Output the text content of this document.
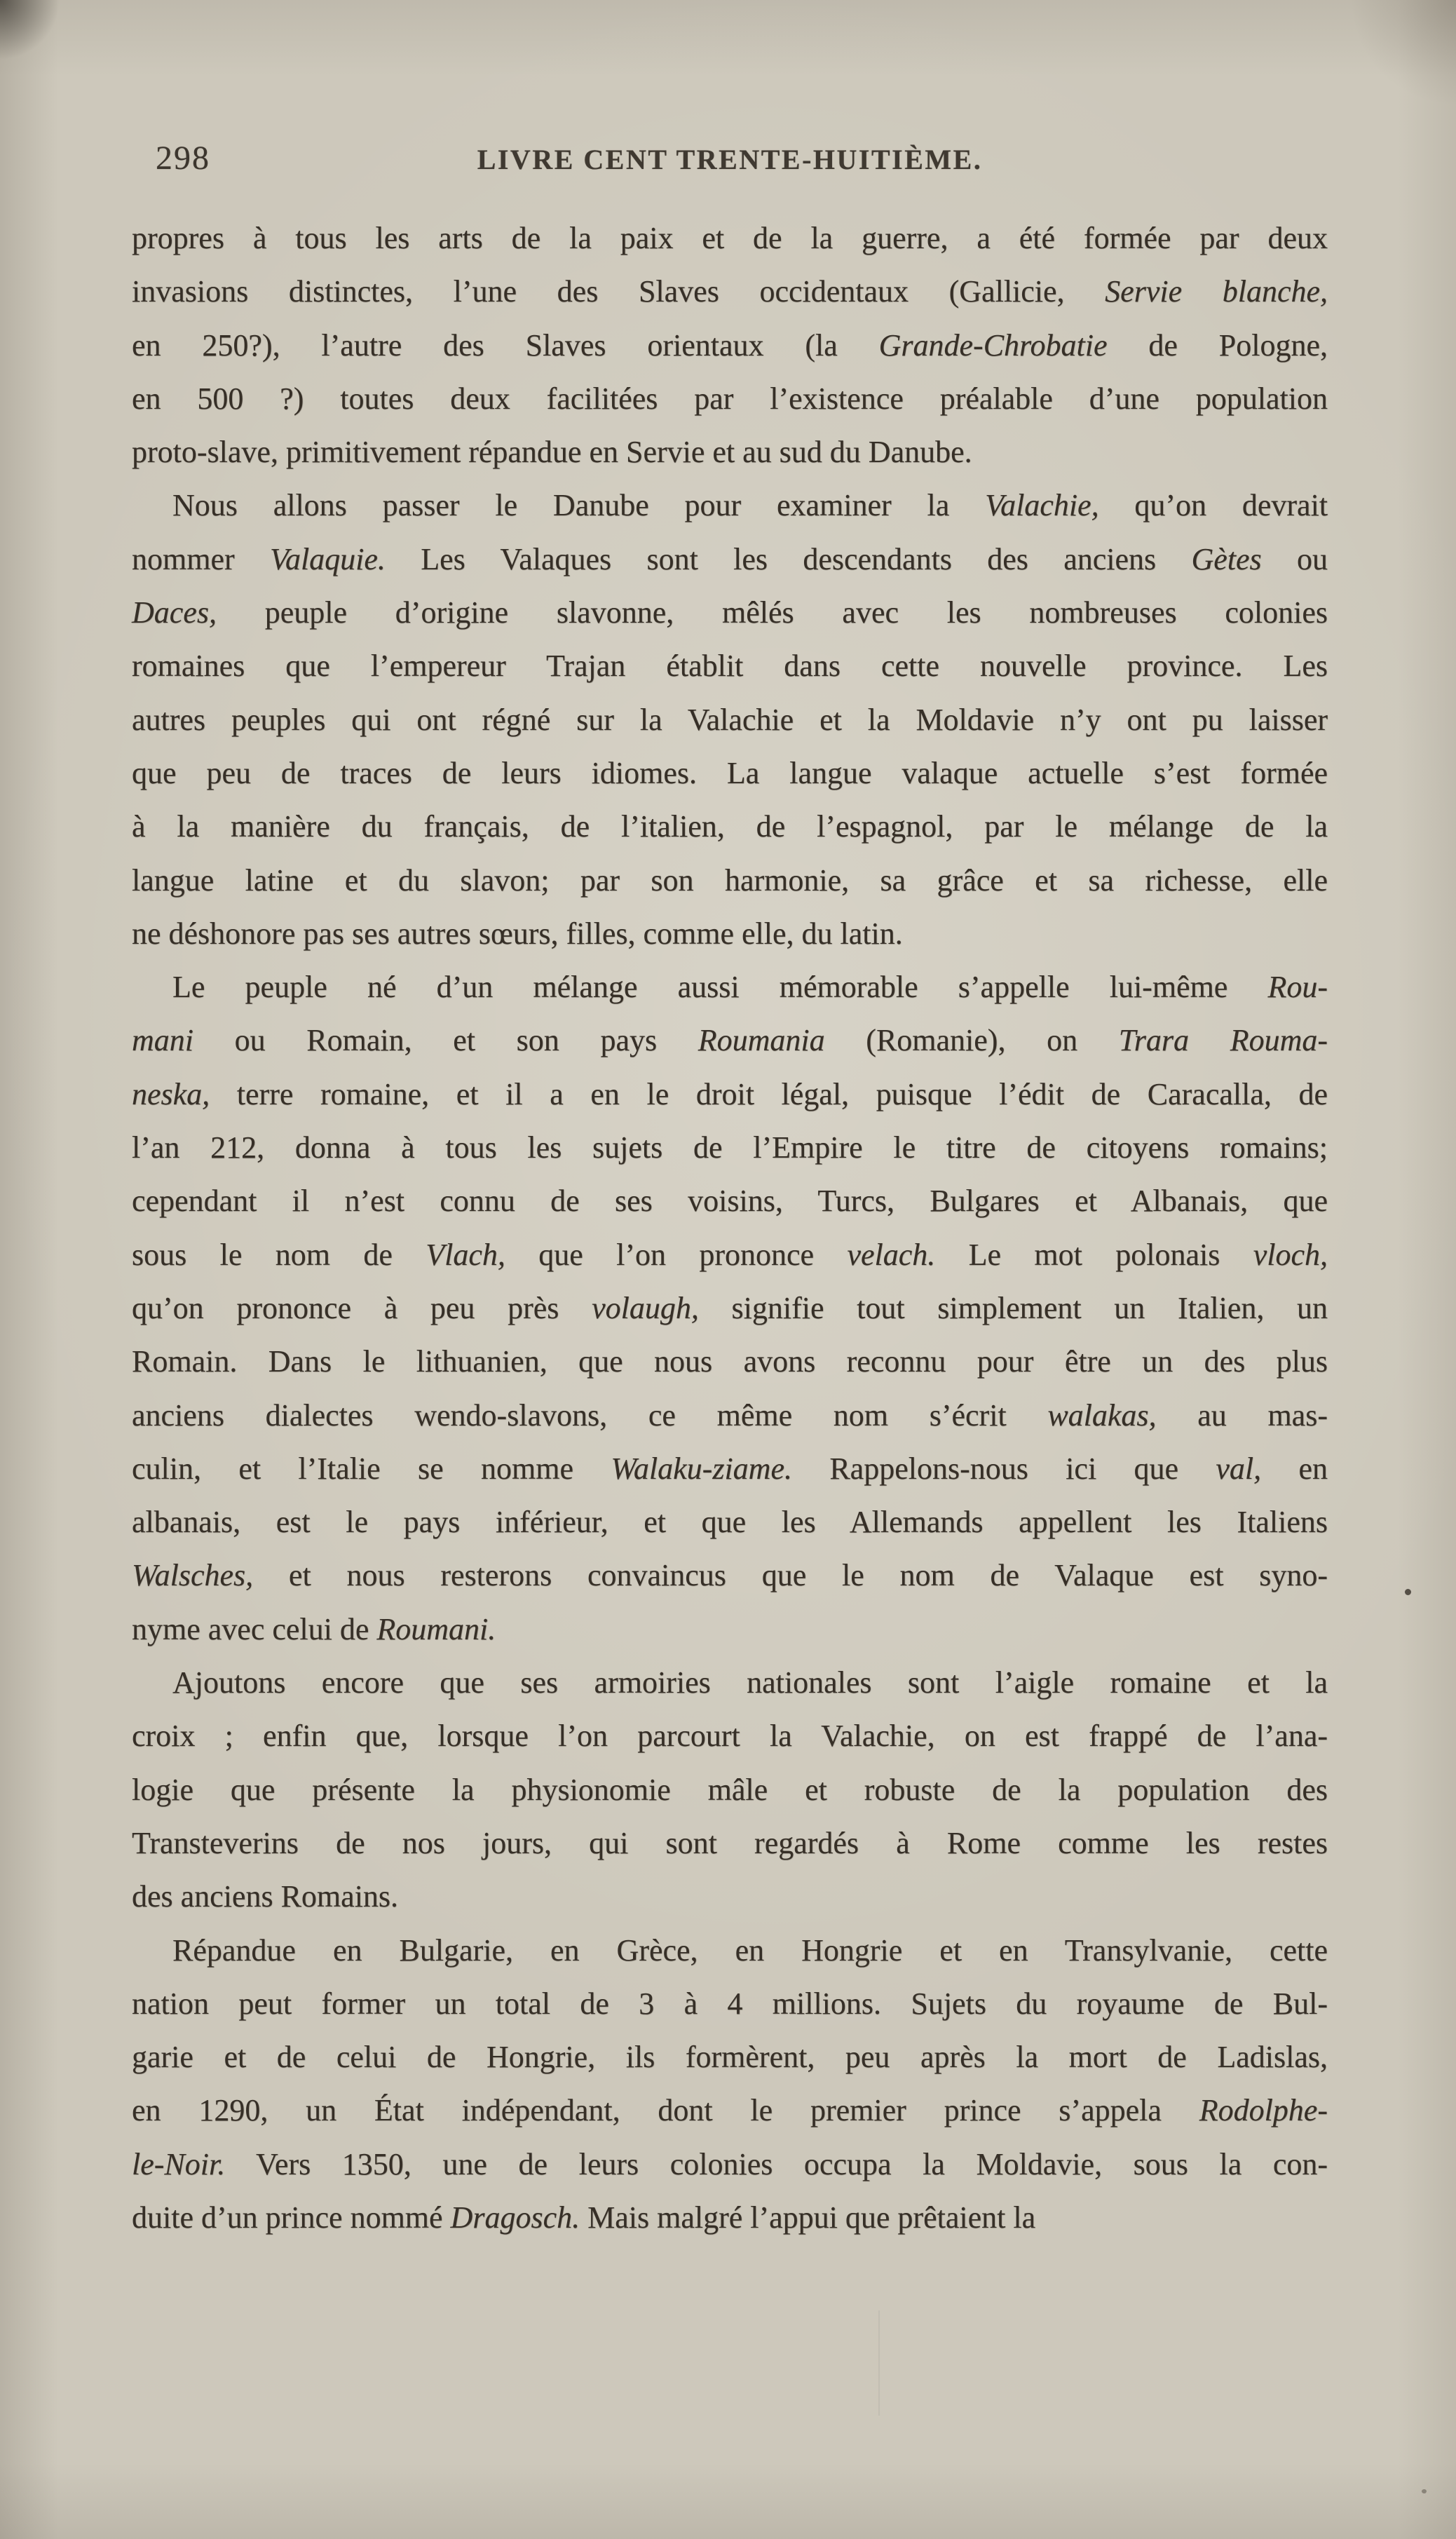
298	LIVRE CENT TRENTE-HUITIÈME.
propres à tous les arts de la paix et de la guerre, a été formée par deux
invasions distinctes, l’une des Slaves occidentaux (Gallicie, Servie blanche,
en 250?), l’autre des Slaves orientaux (la Grande-Chrobatie de Pologne,
en 500 ?) toutes deux facilitées par l’existence préalable d’une population
proto-slave, primitivement répandue en Servie et au sud du Danube.
Nous allons passer le Danube pour examiner la Valachie, qu’on devrait
nommer Valaquie. Les Valaques sont les descendants des anciens Gètes ou
Daces, peuple d’origine slavonne, mêlés avec les nombreuses colonies
romaines que l’empereur Trajan établit dans cette nouvelle province. Les
autres peuples qui ont régné sur la Valachie et la Moldavie n’y ont pu laisser
que peu de traces de leurs idiomes. La langue valaque actuelle s’est formée
à la manière du français, de l’italien, de l’espagnol, par le mélange de la
langue latine et du slavon; par son harmonie, sa grâce et sa richesse, elle
ne déshonore pas ses autres sœurs, filles, comme elle, du latin.
Le peuple né d’un mélange aussi mémorable s’appelle lui-même Rou-
mani ou Romain, et son pays Roumania (Romanie), on Trara Rouma-
neska, terre romaine, et il a en le droit légal, puisque l’édit de Caracalla, de
l’an 212, donna à tous les sujets de l’Empire le titre de citoyens romains;
cependant il n’est connu de ses voisins, Turcs, Bulgares et Albanais, que
sous le nom de Vlach, que l’on prononce velach. Le mot polonais vloch,
qu’on prononce à peu près volaugh, signifie tout simplement un Italien, un
Romain. Dans le lithuanien, que nous avons reconnu pour être un des plus
anciens dialectes wendo-slavons, ce même nom s’écrit walakas, au mas-
culin, et l’Italie se nomme Walaku-ziame. Rappelons-nous ici que val, en
albanais, est le pays inférieur, et que les Allemands appellent les Italiens
Walsches, et nous resterons convaincus que le nom de Valaque est syno-
nyme avec celui de Roumani.
Ajoutons encore que ses armoiries nationales sont l’aigle romaine et la
croix ; enfin que, lorsque l’on parcourt la Valachie, on est frappé de l’ana-
logie que présente la physionomie mâle et robuste de la population des
Transteverins de nos jours, qui sont regardés à Rome comme les restes
des anciens Romains.
Répandue en Bulgarie, en Grèce, en Hongrie et en Transylvanie, cette
nation peut former un total de 3 à 4 millions. Sujets du royaume de Bul-
garie et de celui de Hongrie, ils formèrent, peu après la mort de Ladislas,
en 1290, un État indépendant, dont le premier prince s’appela Rodolphe-
le-Noir. Vers 1350, une de leurs colonies occupa la Moldavie, sous la con-
duite d’un prince nommé Dragosch. Mais malgré l’appui que prêtaient la
